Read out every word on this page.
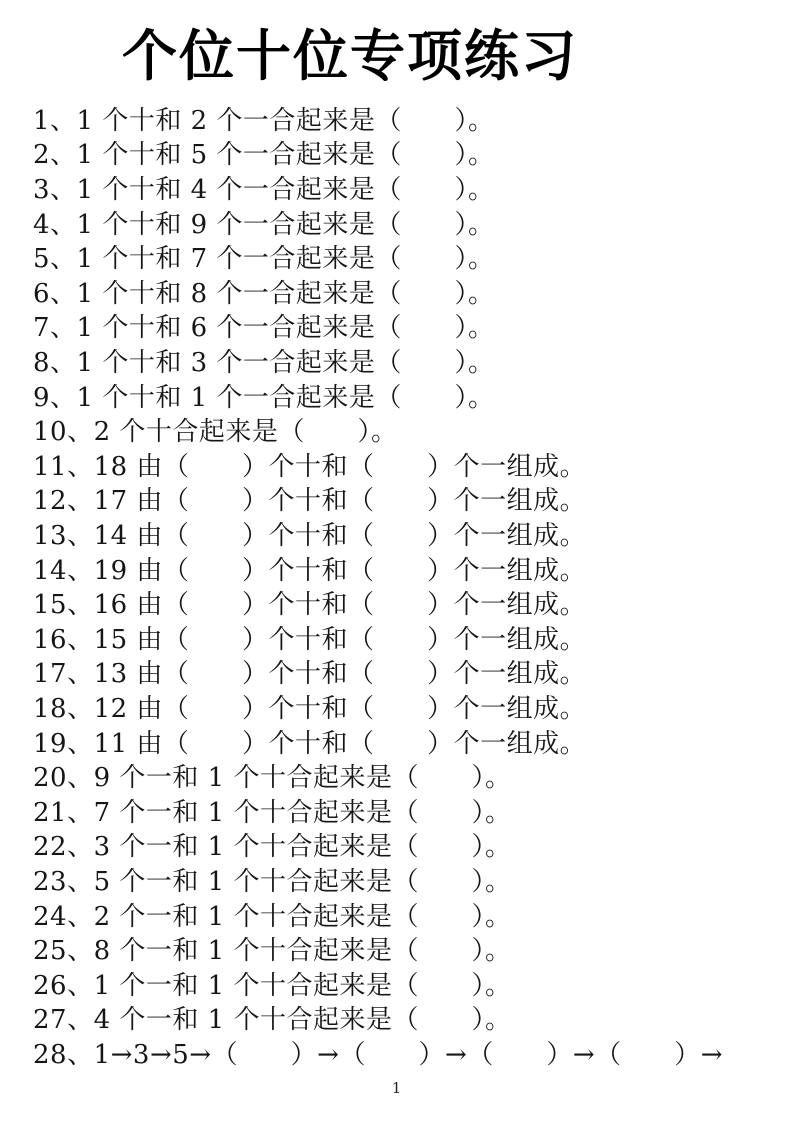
个位十位专项练习
1、1 个十和 2 个一合起来是（      ）。
2、1 个十和 5 个一合起来是（      ）。
3、1 个十和 4 个一合起来是（      ）。
4、1 个十和 9 个一合起来是（      ）。
5、1 个十和 7 个一合起来是（      ）。
6、1 个十和 8 个一合起来是（      ）。
7、1 个十和 6 个一合起来是（      ）。
8、1 个十和 3 个一合起来是（      ）。
9、1 个十和 1 个一合起来是（      ）。
10、2 个十合起来是（      ）。
11、18 由（      ）个十和（      ）个一组成。
12、17 由（      ）个十和（      ）个一组成。
13、14 由（      ）个十和（      ）个一组成。
14、19 由（      ）个十和（      ）个一组成。
15、16 由（      ）个十和（      ）个一组成。
16、15 由（      ）个十和（      ）个一组成。
17、13 由（      ）个十和（      ）个一组成。
18、12 由（      ）个十和（      ）个一组成。
19、11 由（      ）个十和（      ）个一组成。
20、9 个一和 1 个十合起来是（      ）。
21、7 个一和 1 个十合起来是（      ）。
22、3 个一和 1 个十合起来是（      ）。
23、5 个一和 1 个十合起来是（      ）。
24、2 个一和 1 个十合起来是（      ）。
25、8 个一和 1 个十合起来是（      ）。
26、1 个一和 1 个十合起来是（      ）。
27、4 个一和 1 个十合起来是（      ）。
28、1→3→5→（      ）→（      ）→（      ）→（      ）→
1
